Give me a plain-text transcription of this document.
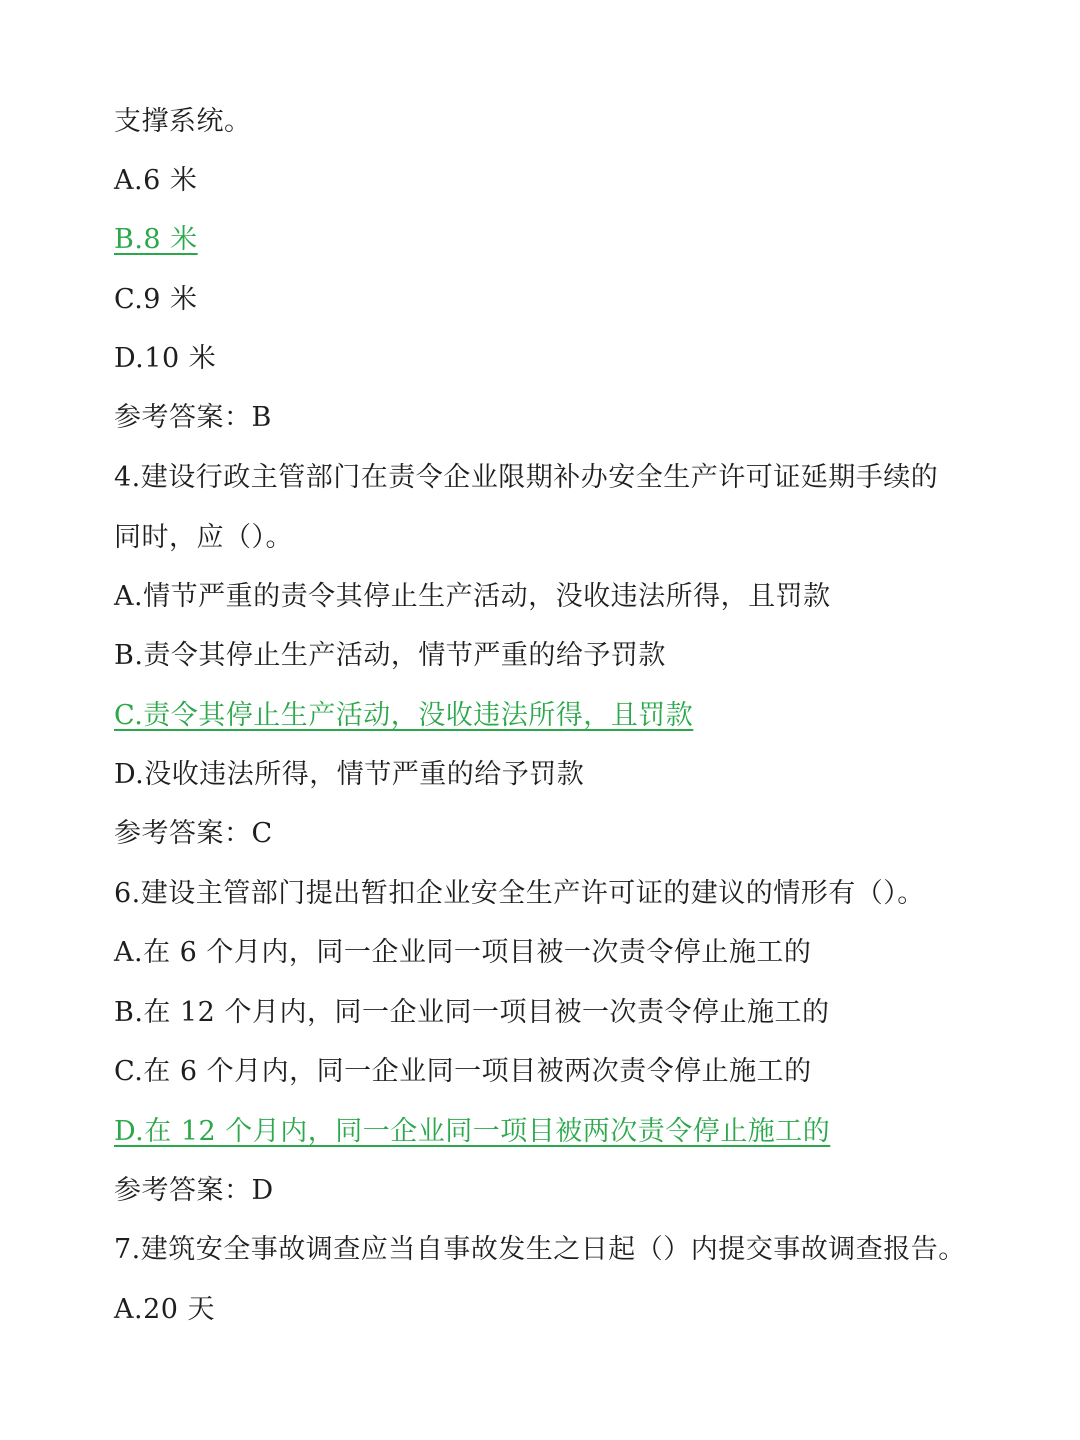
支撑系统。
A.6 米
B.8 米
C.9 米
D.10 米
参考答案：B
4.建设行政主管部门在责令企业限期补办安全生产许可证延期手续的
同时，应（）。
A.情节严重的责令其停止生产活动，没收违法所得，且罚款
B.责令其停止生产活动，情节严重的给予罚款
C.责令其停止生产活动，没收违法所得，且罚款
D.没收违法所得，情节严重的给予罚款
参考答案：C
6.建设主管部门提出暂扣企业安全生产许可证的建议的情形有（）。
A.在 6 个月内，同一企业同一项目被一次责令停止施工的
B.在 12 个月内，同一企业同一项目被一次责令停止施工的
C.在 6 个月内，同一企业同一项目被两次责令停止施工的
D.在 12 个月内，同一企业同一项目被两次责令停止施工的
参考答案：D
7.建筑安全事故调查应当自事故发生之日起（）内提交事故调查报告。
A.20 天
